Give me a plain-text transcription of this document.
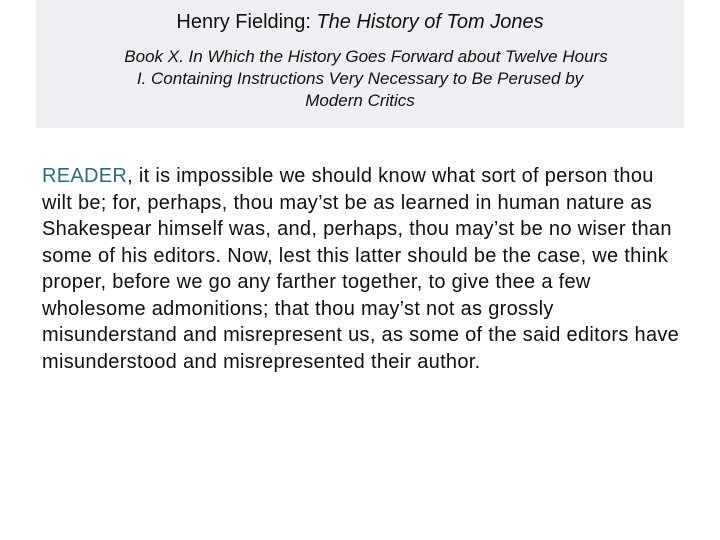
Henry Fielding: The History of Tom Jones

Book X. In Which the History Goes Forward about Twelve Hours

I. Containing Instructions Very Necessary to Be Perused by

Modern Critics

READER, it is impossible we should know what sort of person thou wilt be; for, perhaps, thou may’st be as learned in human nature as Shakespear himself was, and, perhaps, thou may’st be no wiser than some of his editors. Now, lest this latter should be the case, we think proper, before we go any farther together, to give thee a few wholesome admonitions; that thou may’st not as grossly misunderstand and misrepresent us, as some of the said editors have misunderstood and misrepresented their author.
